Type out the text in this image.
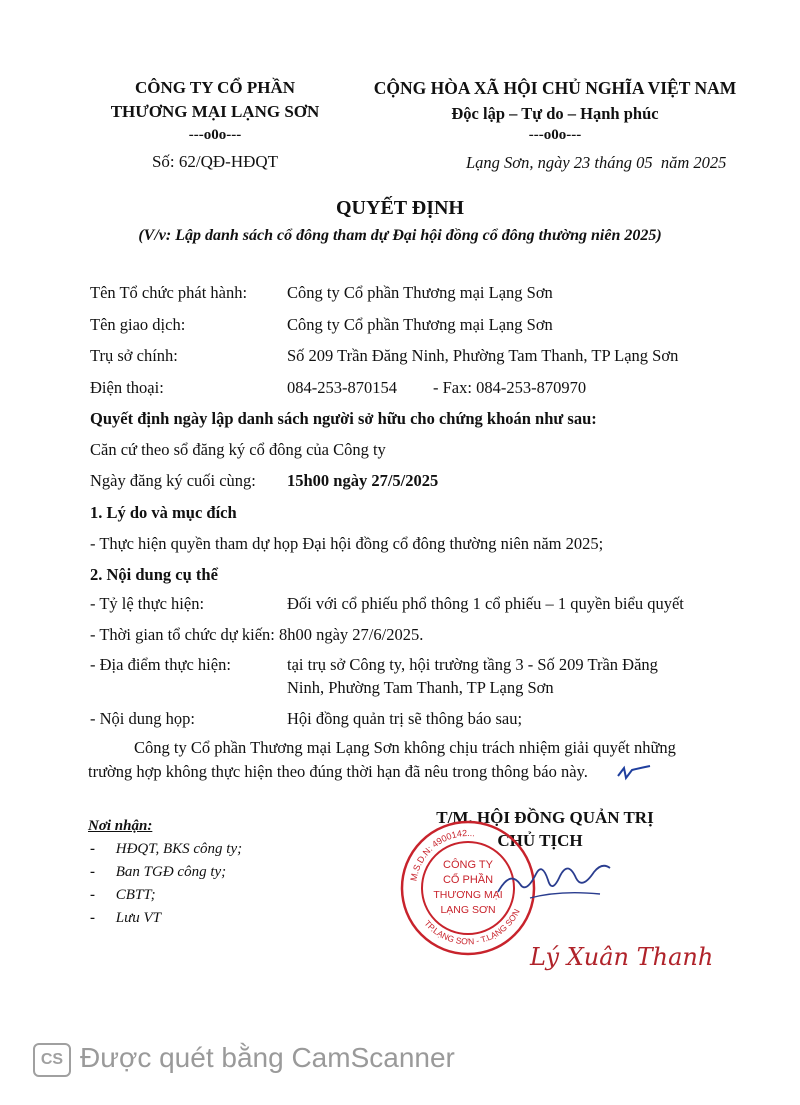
CÔNG TY CỔ PHẦN
THƯƠNG MẠI LẠNG SƠN
---o0o---
Số: 62/QĐ-HĐQT
CỘNG HÒA XÃ HỘI CHỦ NGHĨA VIỆT NAM
Độc lập – Tự do – Hạnh phúc
---o0o---
Lạng Sơn, ngày 23 tháng 05  năm 2025
QUYẾT ĐỊNH
(V/v: Lập danh sách cổ đông tham dự Đại hội đồng cổ đông thường niên 2025)
Tên Tổ chức phát hành: Công ty Cổ phần Thương mại Lạng Sơn
Tên giao dịch:	Công ty Cổ phần Thương mại Lạng Sơn
Trụ sở chính:	Số 209 Trần Đăng Ninh, Phường Tam Thanh, TP Lạng Sơn
Điện thoại:	084-253-870154 - Fax: 084-253-870970
Quyết định ngày lập danh sách người sở hữu cho chứng khoán như sau:
Căn cứ theo sổ đăng ký cổ đông của Công ty
Ngày đăng ký cuối cùng: 15h00 ngày 27/5/2025
1. Lý do và mục đích
- Thực hiện quyền tham dự họp Đại hội đồng cổ đông thường niên năm 2025;
2. Nội dung cụ thể
- Tỷ lệ thực hiện:	Đối với cổ phiếu phổ thông 1 cổ phiếu – 1 quyền biểu quyết
- Thời gian tổ chức dự kiến: 8h00 ngày 27/6/2025.
- Địa điểm thực hiện:	tại trụ sở Công ty, hội trường tầng 3 - Số 209 Trần Đăng
Ninh, Phường Tam Thanh, TP Lạng Sơn
- Nội dung họp:	Hội đồng quản trị sẽ thông báo sau;
Công ty Cổ phần Thương mại Lạng Sơn không chịu trách nhiệm giải quyết những
trường hợp không thực hiện theo đúng thời hạn đã nêu trong thông báo này.
Nơi nhận:
- HĐQT, BKS công ty;
- Ban TGĐ công ty;
- CBTT;
- Lưu VT
T/M. HỘI ĐỒNG QUẢN TRỊ
CHỦ TỊCH
M.S.D.N: 4900142...
TP.LẠNG SƠN - T.LẠNG SƠN
CÔNG TY
CỔ PHẦN
THƯƠNG MẠI
LẠNG SƠN
Lý Xuân Thanh
CS Được quét bằng CamScanner
